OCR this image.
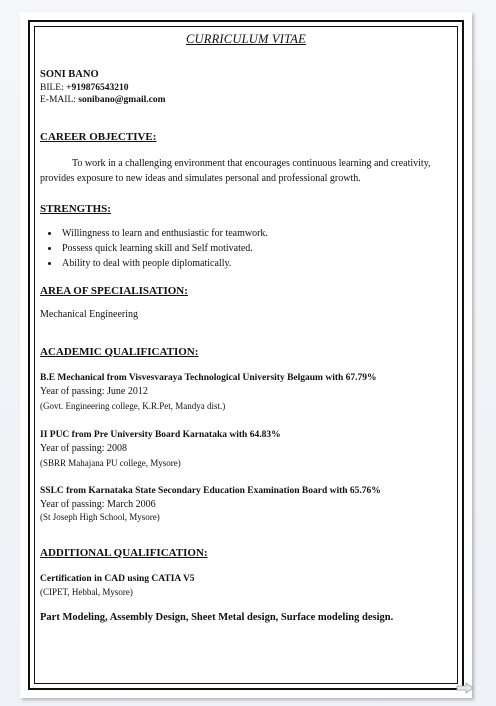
CURRICULUM VITAE
SONI BANO
BILE: +919876543210
E-MAIL: sonibano@gmail.com
CAREER OBJECTIVE:
To work in a challenging environment that encourages continuous learning and creativity, provides exposure to new ideas and simulates personal and professional growth.
STRENGTHS:
• Willingness to learn and enthusiastic for teamwork.
• Possess quick learning skill and Self motivated.
• Ability to deal with people diplomatically.
AREA OF SPECIALISATION:
Mechanical Engineering
ACADEMIC QUALIFICATION:
B.E Mechanical from Visvesvaraya Technological University Belgaum with 67.79%
Year of passing: June 2012
(Govt. Engineering college, K.R.Pet, Mandya dist.)
II PUC from Pre University Board Karnataka with 64.83%
Year of passing: 2008
(SBRR Mahajana PU college, Mysore)
SSLC from Karnataka State Secondary Education Examination Board with 65.76%
Year of passing: March 2006
(St Joseph High School, Mysore)
ADDITIONAL QUALIFICATION:
Certification in CAD using CATIA V5
(CIPET, Hebbal, Mysore)
Part Modeling, Assembly Design, Sheet Metal design, Surface modeling design.
